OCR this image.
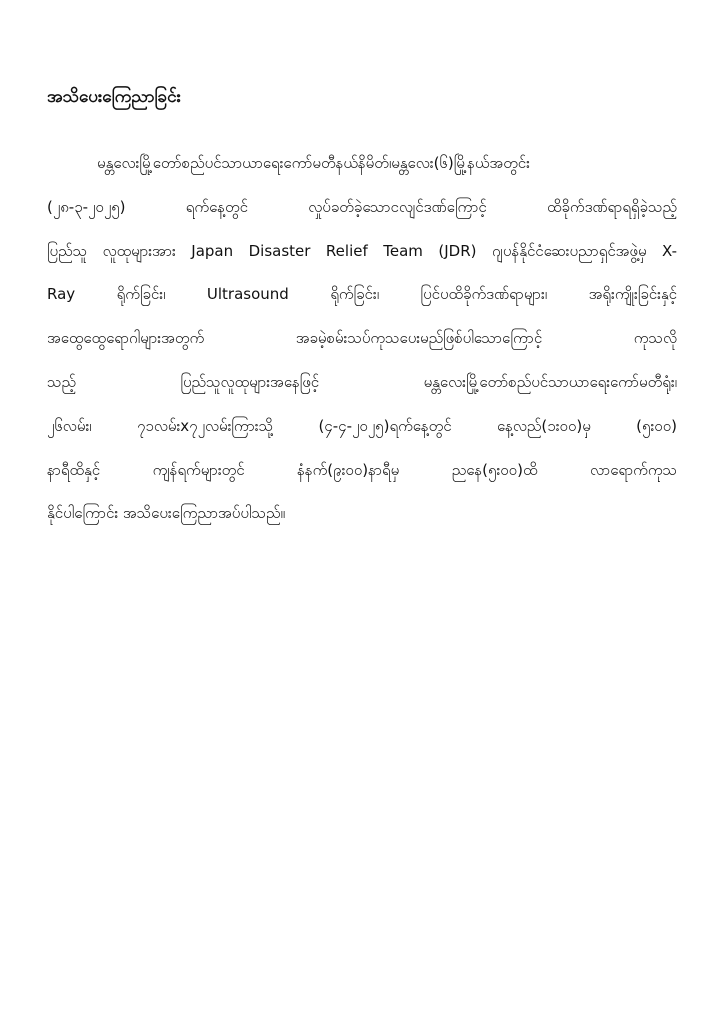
အသိပေးကြေညာခြင်း
မန္တလေးမြို့တော်စည်ပင်သာယာရေးကော်မတီနယ်နိမိတ်၊မန္တလေး(၆)မြို့နယ်အတွင်း
(၂၈-၃-၂၀၂၅) ရက်နေ့တွင် လှုပ်ခတ်ခဲ့သောငလျင်ဒဏ်ကြောင့် ထိခိုက်ဒဏ်ရာရရှိခဲ့သည့်
ပြည်သူ လူထုများအား Japan Disaster Relief Team (JDR) ဂျပန်နိုင်ငံဆေးပညာရှင်အဖွဲ့မှ X-
Ray ရိုက်ခြင်း၊ Ultrasound ရိုက်ခြင်း၊ ပြင်ပထိခိုက်ဒဏ်ရာများ၊ အရိုးကျိုးခြင်းနှင့်
အထွေထွေရောဂါများအတွက် အခမဲ့စမ်းသပ်ကုသပေးမည်ဖြစ်ပါသောကြောင့် ကုသလို
သည့် ပြည်သူလူထုများအနေဖြင့် မန္တလေးမြို့တော်စည်ပင်သာယာရေးကော်မတီရုံး၊
၂၆လမ်း၊ ၇၁လမ်းx၇၂လမ်းကြားသို့ (၄-၄-၂၀၂၅)ရက်နေ့တွင် နေ့လည်(၁း၀၀)မှ (၅း၀၀)
နာရီထိနှင့် ကျန်ရက်များတွင် နံနက်(၉း၀၀)နာရီမှ ညနေ(၅း၀၀)ထိ လာရောက်ကုသ
နိုင်ပါကြောင်း အသိပေးကြေညာအပ်ပါသည်။
